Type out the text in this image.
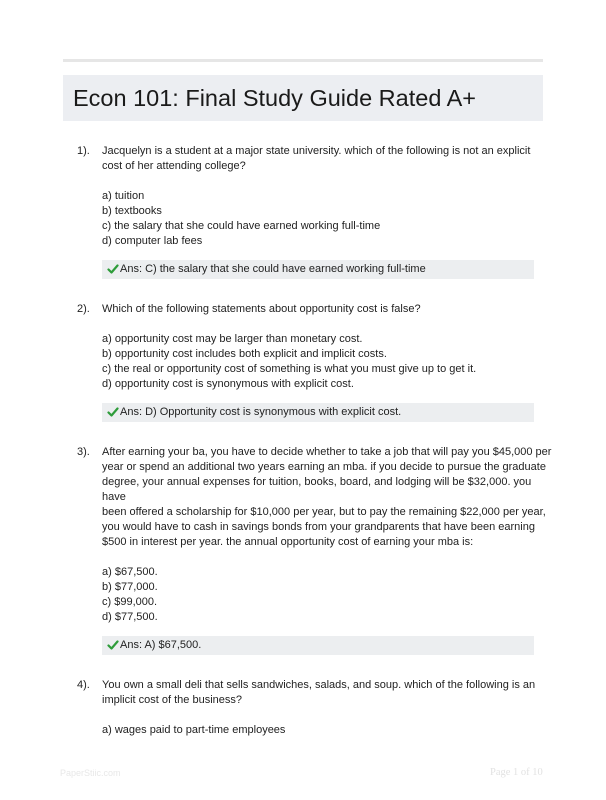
Econ 101: Final Study Guide Rated A+
1). Jacquelyn is a student at a major state university. which of the following is not an explicit
cost of her attending college?
a) tuition
b) textbooks
c) the salary that she could have earned working full-time
d) computer lab fees
Ans: C) the salary that she could have earned working full-time
2). Which of the following statements about opportunity cost is false?
a) opportunity cost may be larger than monetary cost.
b) opportunity cost includes both explicit and implicit costs.
c) the real or opportunity cost of something is what you must give up to get it.
d) opportunity cost is synonymous with explicit cost.
Ans: D) Opportunity cost is synonymous with explicit cost.
3). After earning your ba, you have to decide whether to take a job that will pay you $45,000 per
year or spend an additional two years earning an mba. if you decide to pursue the graduate
degree, your annual expenses for tuition, books, board, and lodging will be $32,000. you
have
been offered a scholarship for $10,000 per year, but to pay the remaining $22,000 per year,
you would have to cash in savings bonds from your grandparents that have been earning
$500 in interest per year. the annual opportunity cost of earning your mba is:
a) $67,500.
b) $77,000.
c) $99,000.
d) $77,500.
Ans: A) $67,500.
4). You own a small deli that sells sandwiches, salads, and soup. which of the following is an
implicit cost of the business?
a) wages paid to part-time employees
PaperStiic.com	Page 1 of 10
